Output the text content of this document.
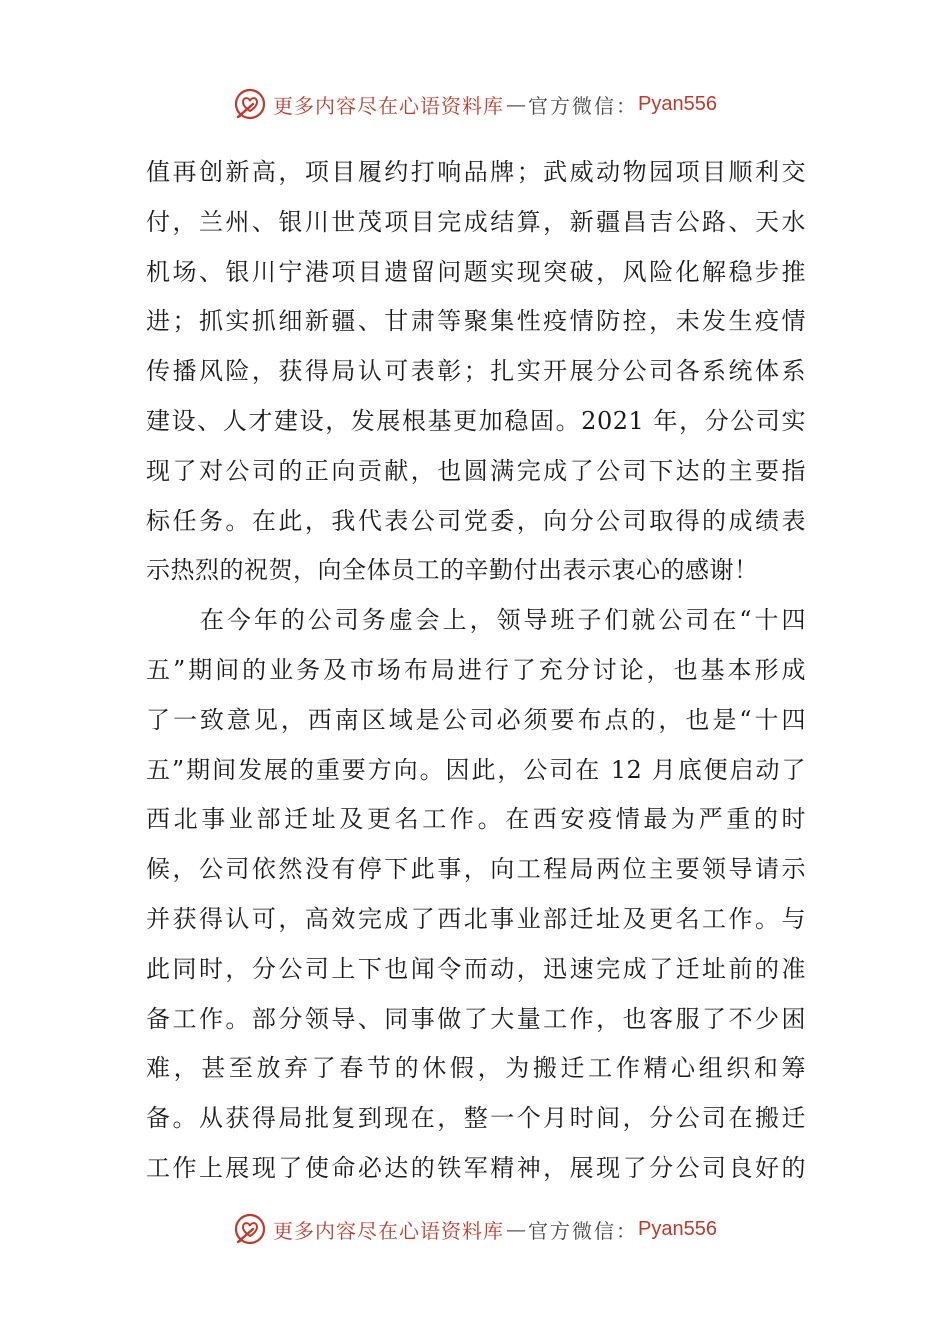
更多内容尽在心语资料库 — 官方微信： Pyan556
值再创新高，项目履约打响品牌；武威动物园项目顺利交
付，兰州、银川世茂项目完成结算，新疆昌吉公路、天水
机场、银川宁港项目遗留问题实现突破，风险化解稳步推
进；抓实抓细新疆、甘肃等聚集性疫情防控，未发生疫情
传播风险，获得局认可表彰；扎实开展分公司各系统体系
建设、人才建设，发展根基更加稳固。2021 年，分公司实
现了对公司的正向贡献，也圆满完成了公司下达的主要指
标任务。在此，我代表公司党委，向分公司取得的成绩表
示热烈的祝贺，向全体员工的辛勤付出表示衷心的感谢！
　　在今年的公司务虚会上，领导班子们就公司在“十四
五”期间的业务及市场布局进行了充分讨论，也基本形成
了一致意见，西南区域是公司必须要布点的，也是“十四
五”期间发展的重要方向。因此，公司在 12 月底便启动了
西北事业部迁址及更名工作。在西安疫情最为严重的时
候，公司依然没有停下此事，向工程局两位主要领导请示
并获得认可，高效完成了西北事业部迁址及更名工作。与
此同时，分公司上下也闻令而动，迅速完成了迁址前的准
备工作。部分领导、同事做了大量工作，也客服了不少困
难，甚至放弃了春节的休假，为搬迁工作精心组织和筹
备。从获得局批复到现在，整一个月时间，分公司在搬迁
工作上展现了使命必达的铁军精神，展现了分公司良好的
更多内容尽在心语资料库 — 官方微信： Pyan556
